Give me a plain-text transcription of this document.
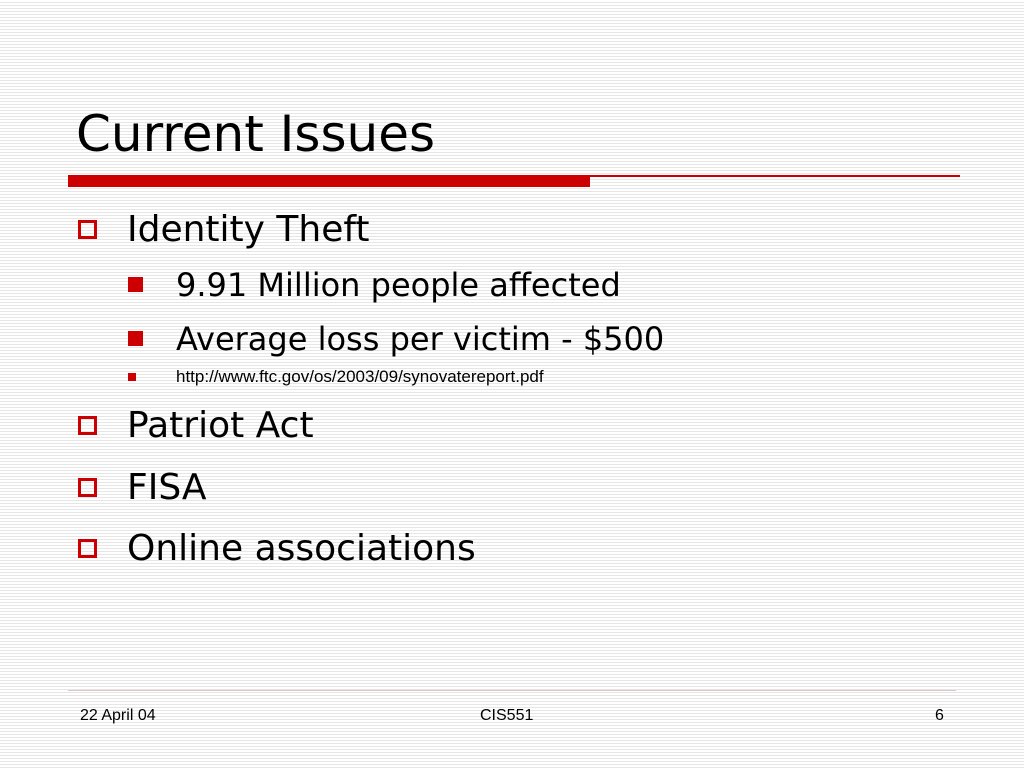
Current Issues
Identity Theft
9.91 Million people affected
Average loss per victim - $500
http://www.ftc.gov/os/2003/09/synovatereport.pdf
Patriot Act
FISA
Online associations
22 April 04	CIS551	6
